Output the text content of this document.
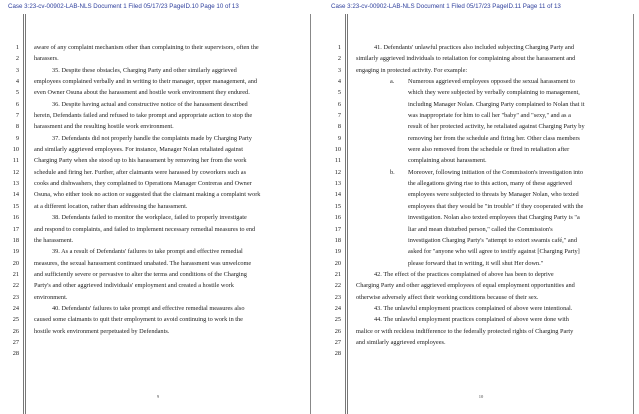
Case 3:23-cv-00902-LAB-NLS Document 1 Filed 05/17/23 PageID.10 Page 10 of 13
1
2
3
4
5
6
7
8
9
10
11
12
13
14
15
16
17
18
19
20
21
22
23
24
25
26
27
28
aware of any complaint mechanism other than complaining to their supervisors, often the
harassers.
35. Despite these obstacles, Charging Party and other similarly aggrieved
employees complained verbally and in writing to their manager, upper management, and
even Owner Osuna about the harassment and hostile work environment they endured.
36. Despite having actual and constructive notice of the harassment described
herein, Defendants failed and refused to take prompt and appropriate action to stop the
harassment and the resulting hostile work environment.
37. Defendants did not properly handle the complaints made by Charging Party
and similarly aggrieved employees. For instance, Manager Nolan retaliated against
Charging Party when she stood up to his harassment by removing her from the work
schedule and firing her. Further, after claimants were harassed by coworkers such as
cooks and dishwashers, they complained to Operations Manager Contreras and Owner
Osuna, who either took no action or suggested that the claimant making a complaint work
at a different location, rather than addressing the harassment.
38. Defendants failed to monitor the workplace, failed to properly investigate
and respond to complaints, and failed to implement necessary remedial measures to end
the harassment.
39. As a result of Defendants' failures to take prompt and effective remedial
measures, the sexual harassment continued unabated. The harassment was unwelcome
and sufficiently severe or pervasive to alter the terms and conditions of the Charging
Party's and other aggrieved individuals' employment and created a hostile work
environment.
40. Defendants' failures to take prompt and effective remedial measures also
caused some claimants to quit their employment to avoid continuing to work in the
hostile work environment perpetuated by Defendants.
9
Case 3:23-cv-00902-LAB-NLS Document 1 Filed 05/17/23 PageID.11 Page 11 of 13
1
2
3
4
5
6
7
8
9
10
11
12
13
14
15
16
17
18
19
20
21
22
23
24
25
26
27
28
41. Defendants' unlawful practices also included subjecting Charging Party and
similarly aggrieved individuals to retaliation for complaining about the harassment and
engaging in protected activity. For example:
a. Numerous aggrieved employees opposed the sexual harassment to
which they were subjected by verbally complaining to management,
including Manager Nolan. Charging Party complained to Nolan that it
was inappropriate for him to call her "baby" and "sexy," and as a
result of her protected activity, he retaliated against Charging Party by
removing her from the schedule and firing her. Other class members
were also removed from the schedule or fired in retaliation after
complaining about harassment.
b. Moreover, following initiation of the Commission's investigation into
the allegations giving rise to this action, many of these aggrieved
employees were subjected to threats by Manager Nolan, who texted
employees that they would be "in trouble" if they cooperated with the
investigation. Nolan also texted employees that Charging Party is "a
liar and mean disturbed person," called the Commission's
investigation Charging Party's "attempt to extort swamis café," and
asked for "anyone who will agree to testify against [Charging Party]
please forward that in writing, it will shut Her down."
42. The effect of the practices complained of above has been to deprive
Charging Party and other aggrieved employees of equal employment opportunities and
otherwise adversely affect their working conditions because of their sex.
43. The unlawful employment practices complained of above were intentional.
44. The unlawful employment practices complained of above were done with
malice or with reckless indifference to the federally protected rights of Charging Party
and similarly aggrieved employees.
10
